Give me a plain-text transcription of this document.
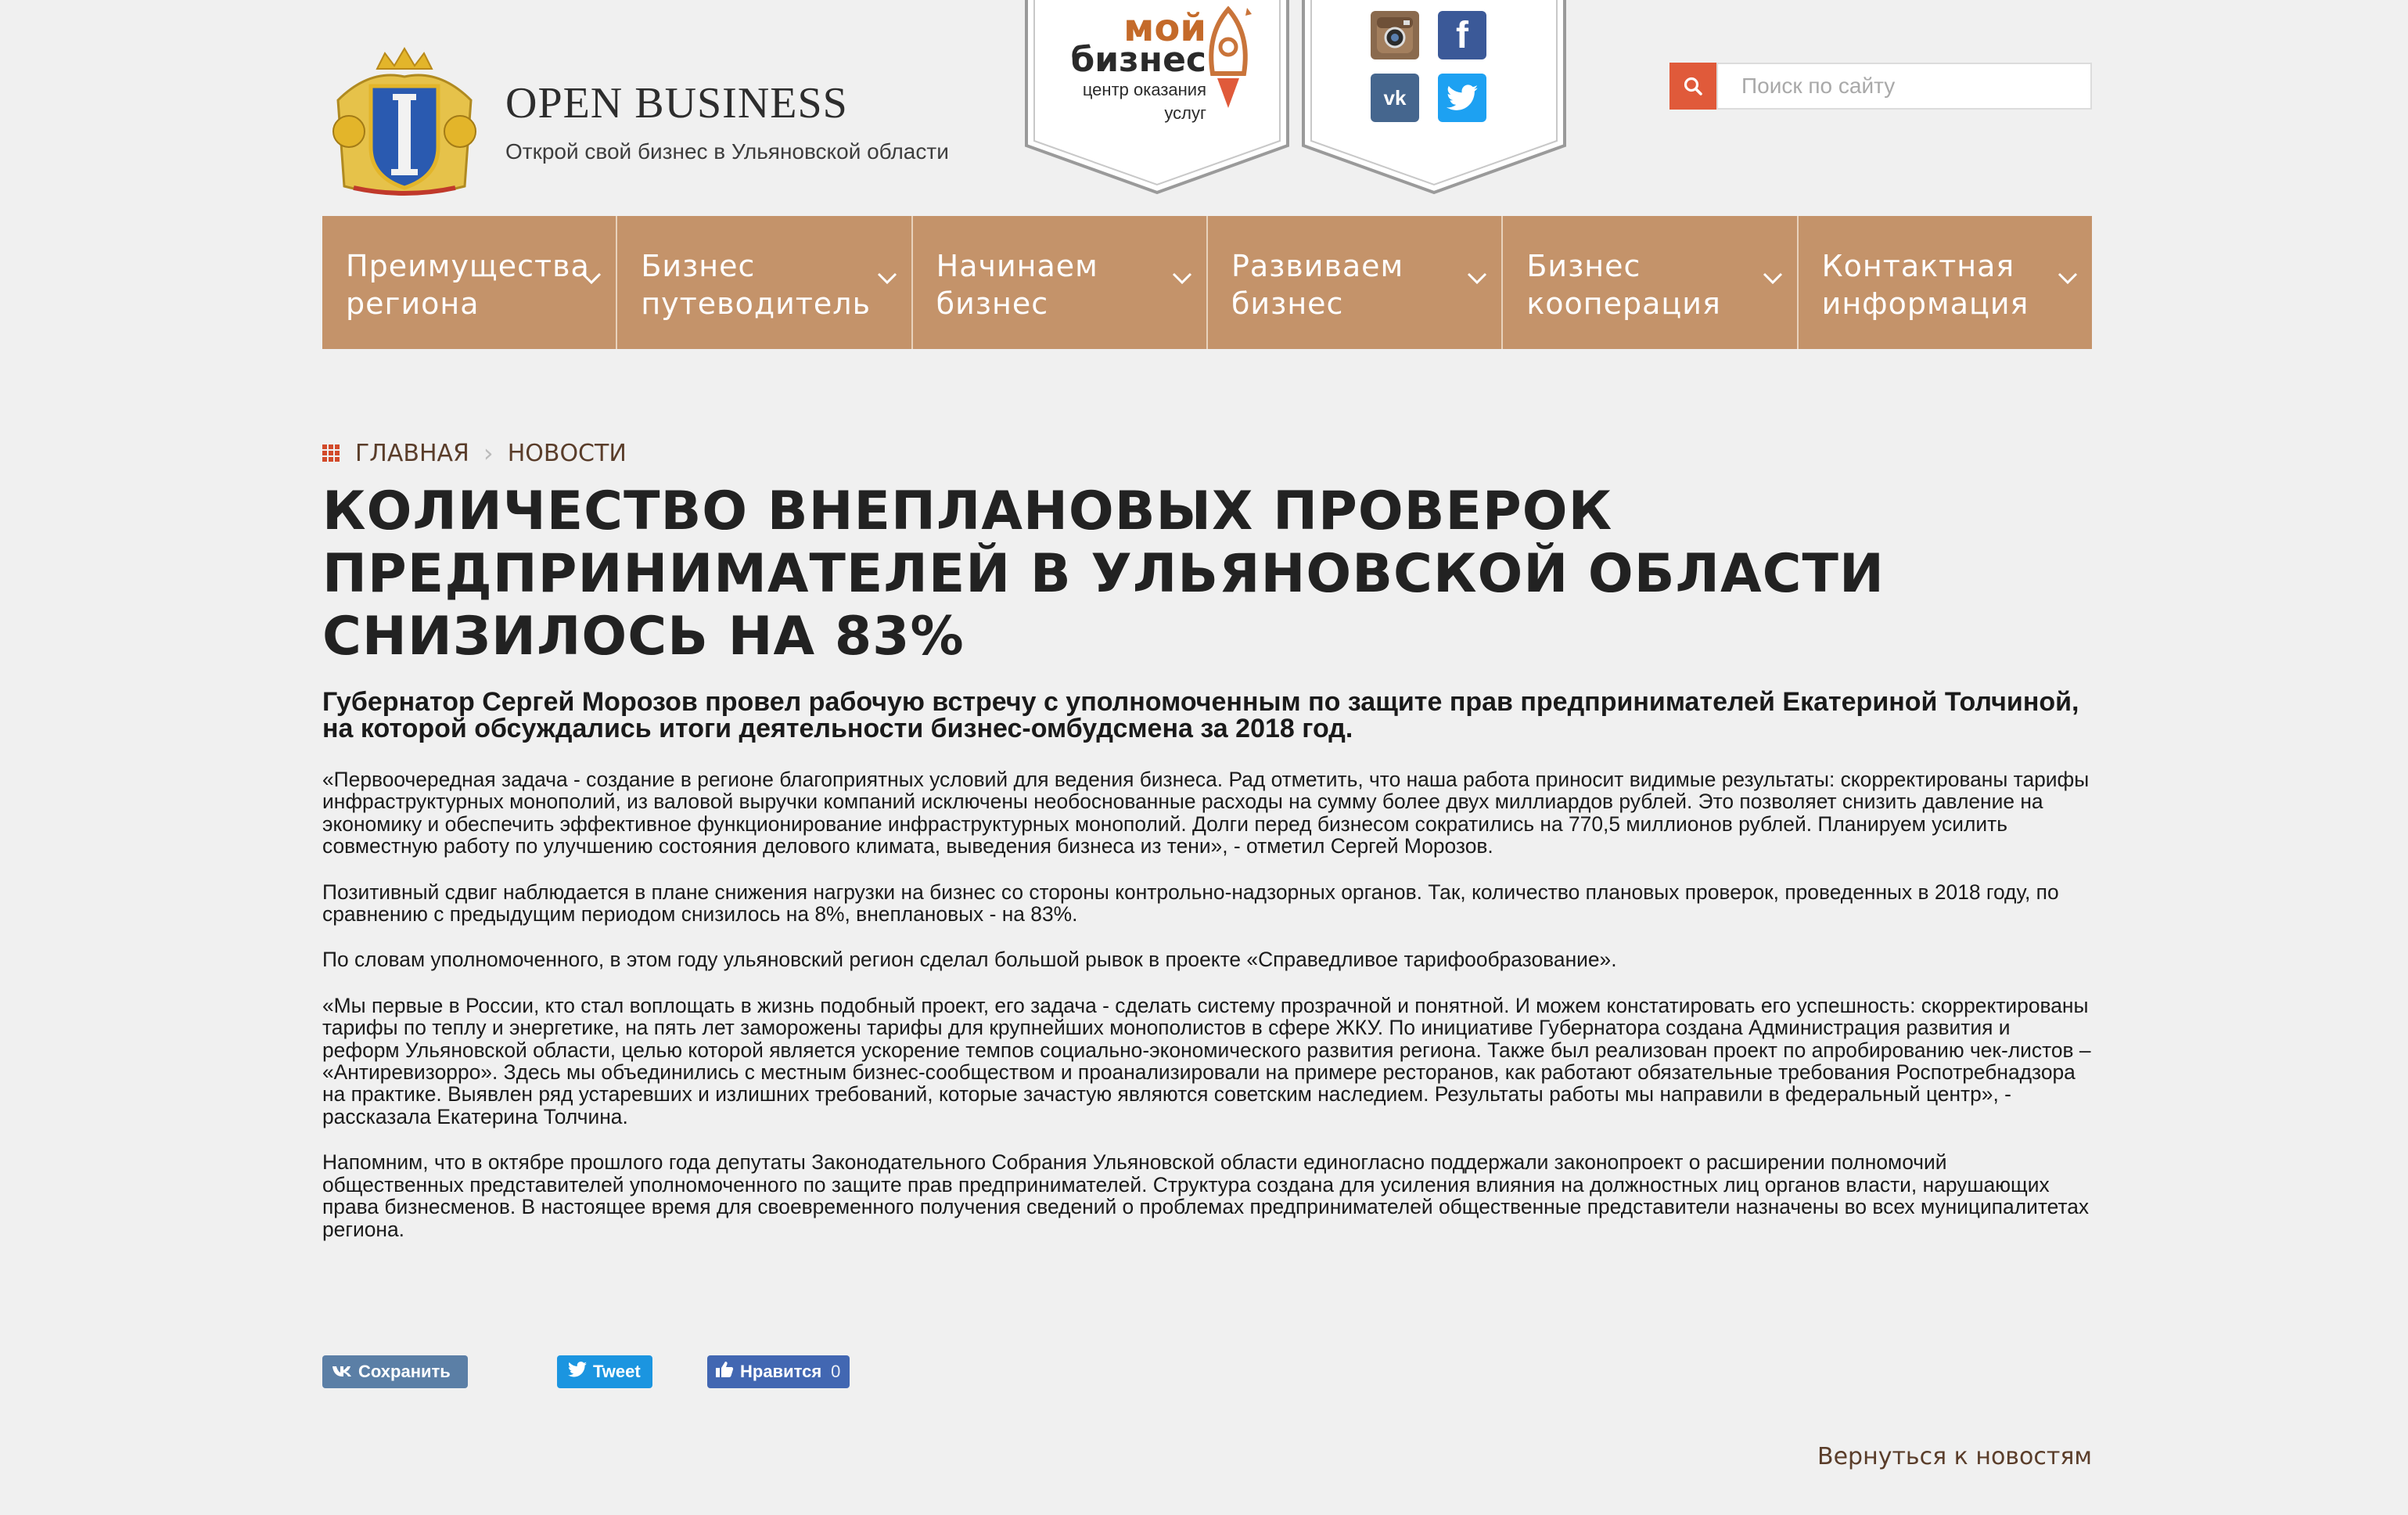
OPEN BUSINESS
Открой свой бизнес в Ульяновской области
мой
бизнес
центр оказания
услуг
f
vk
Поиск по сайту
Преимущества
региона
Бизнес
путеводитель
Начинаем
бизнес
Развиваем
бизнес
Бизнес
кооперация
Контактная
информация
ГЛАВНАЯ › НОВОСТИ
КОЛИЧЕСТВО ВНЕПЛАНОВЫХ ПРОВЕРОК ПРЕДПРИНИМАТЕЛЕЙ В УЛЬЯНОВСКОЙ ОБЛАСТИ СНИЗИЛОСЬ НА 83%
Губернатор Сергей Морозов провел рабочую встречу с уполномоченным по защите прав предпринимателей Екатериной Толчиной, на которой обсуждались итоги деятельности бизнес-омбудсмена за 2018 год.

«Первоочередная задача - создание в регионе благоприятных условий для ведения бизнеса. Рад отметить, что наша работа приносит видимые результаты: скорректированы тарифы инфраструктурных монополий, из валовой выручки компаний исключены необоснованные расходы на сумму более двух миллиардов рублей. Это позволяет снизить давление на экономику и обеспечить эффективное функционирование инфраструктурных монополий. Долги перед бизнесом сократились на 770,5 миллионов рублей. Планируем усилить совместную работу по улучшению состояния делового климата, выведения бизнеса из тени», - отметил Сергей Морозов.

Позитивный сдвиг наблюдается в плане снижения нагрузки на бизнес со стороны контрольно-надзорных органов. Так, количество плановых проверок, проведенных в 2018 году, по сравнению с предыдущим периодом снизилось на 8%, внеплановых - на 83%.

По словам уполномоченного, в этом году ульяновский регион сделал большой рывок в проекте «Справедливое тарифообразование».

«Мы первые в России, кто стал воплощать в жизнь подобный проект, его задача - сделать систему прозрачной и понятной. И можем констатировать его успешность: скорректированы тарифы по теплу и энергетике, на пять лет заморожены тарифы для крупнейших монополистов в сфере ЖКУ. По инициативе Губернатора создана Администрация развития и реформ Ульяновской области, целью которой является ускорение темпов социально-экономического развития региона. Также был реализован проект по апробированию чек-листов – «Антиревизорро». Здесь мы объединились с местным бизнес-сообществом и проанализировали на примере ресторанов, как работают обязательные требования Роспотребнадзора на практике. Выявлен ряд устаревших и излишних требований, которые зачастую являются советским наследием. Результаты работы мы направили в федеральный центр», - рассказала Екатерина Толчина.

Напомним, что в октябре прошлого года депутаты Законодательного Собрания Ульяновской области единогласно поддержали законопроект о расширении полномочий общественных представителей уполномоченного по защите прав предпринимателей. Структура создана для усиления влияния на должностных лиц органов власти, нарушающих права бизнесменов. В настоящее время для своевременного получения сведений о проблемах предпринимателей общественные представители назначены во всех муниципалитетах региона.

Сохранить	Tweet	Нравится 0
Вернуться к новостям
